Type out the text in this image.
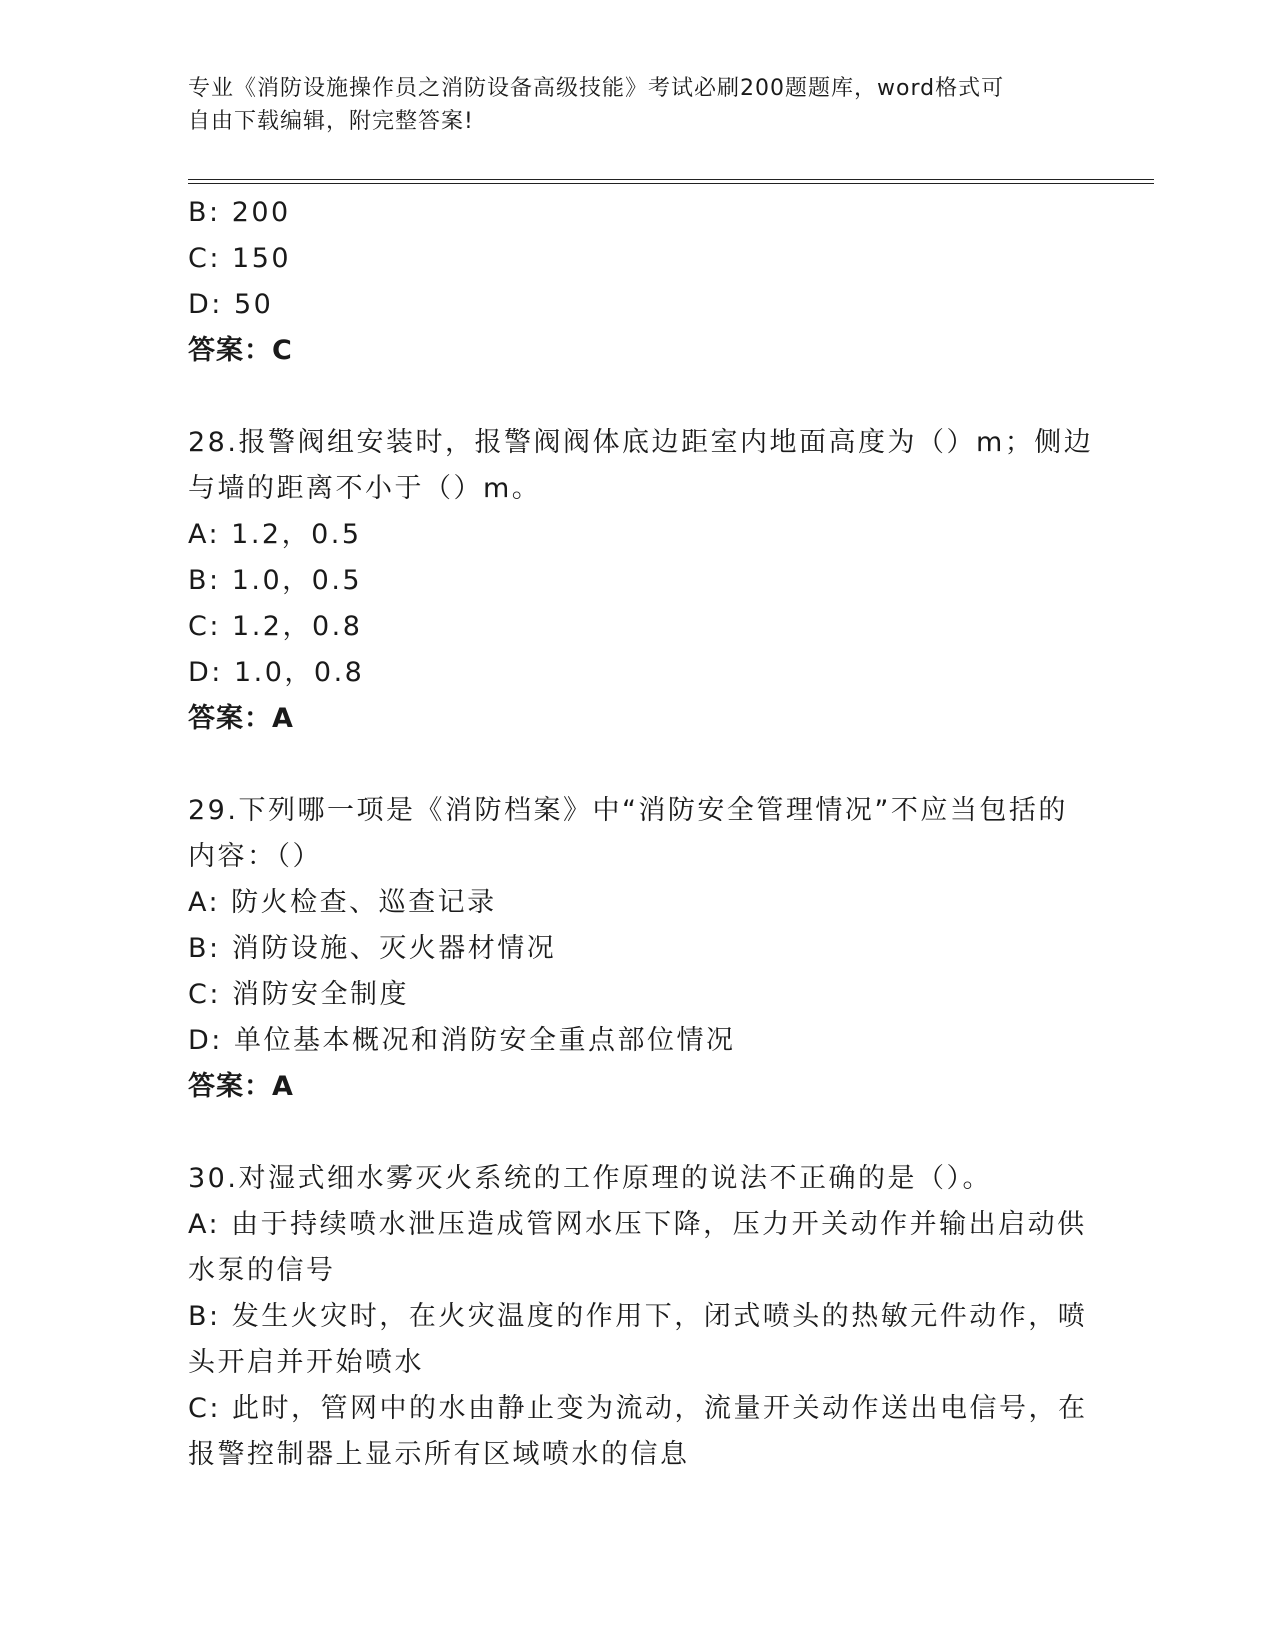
专业《消防设施操作员之消防设备高级技能》考试必刷200题题库，word格式可
自由下载编辑，附完整答案!
B: 200
C: 150
D: 50
答案：C
28.报警阀组安装时，报警阀阀体底边距室内地面高度为（）m；侧边
与墙的距离不小于（）m。
A: 1.2，0.5
B: 1.0，0.5
C: 1.2，0.8
D: 1.0，0.8
答案：A
29.下列哪一项是《消防档案》中“消防安全管理情况”不应当包括的
内容：（）
A: 防火检查、巡查记录
B: 消防设施、灭火器材情况
C: 消防安全制度
D: 单位基本概况和消防安全重点部位情况
答案：A
30.对湿式细水雾灭火系统的工作原理的说法不正确的是（）。
A: 由于持续喷水泄压造成管网水压下降，压力开关动作并输出启动供
水泵的信号
B: 发生火灾时，在火灾温度的作用下，闭式喷头的热敏元件动作，喷
头开启并开始喷水
C: 此时，管网中的水由静止变为流动，流量开关动作送出电信号，在
报警控制器上显示所有区域喷水的信息
